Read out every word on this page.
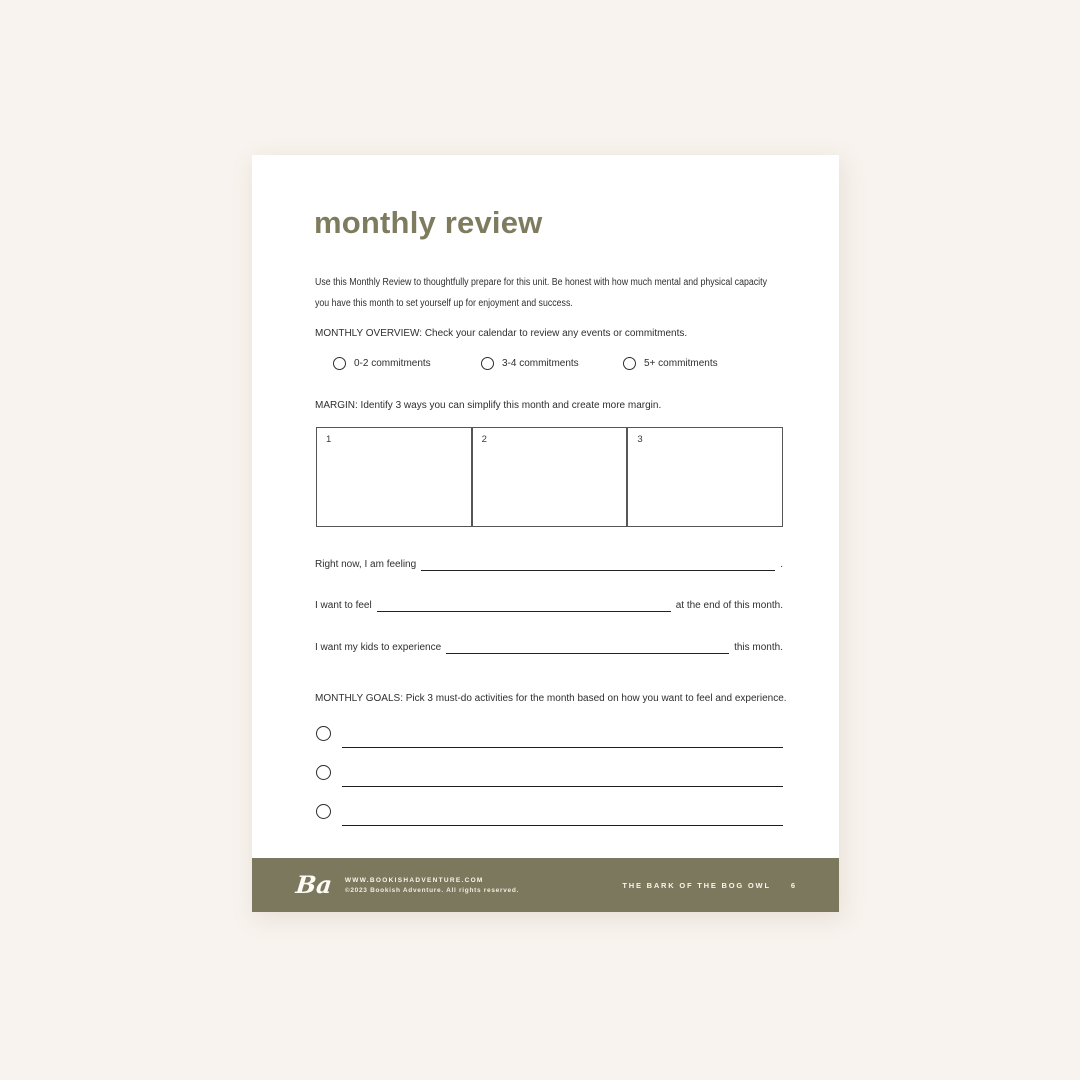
monthly review
Use this Monthly Review to thoughtfully prepare for this unit. Be honest with how much mental and physical capacity
you have this month to set yourself up for enjoyment and success.
MONTHLY OVERVIEW: Check your calendar to review any events or commitments.
0-2 commitments	3-4 commitments	5+ commitments
MARGIN: Identify 3 ways you can simplify this month and create more margin.
1	2	3
Right now, I am feeling	.
I want to feel	at the end of this month.
I want my kids to experience	this month.
MONTHLY GOALS: Pick 3 must-do activities for the month based on how you want to feel and experience.
Ba WWW.BOOKISHADVENTURE.COM
©2023 Bookish Adventure. All rights reserved.
THE BARK OF THE BOG OWL	6
